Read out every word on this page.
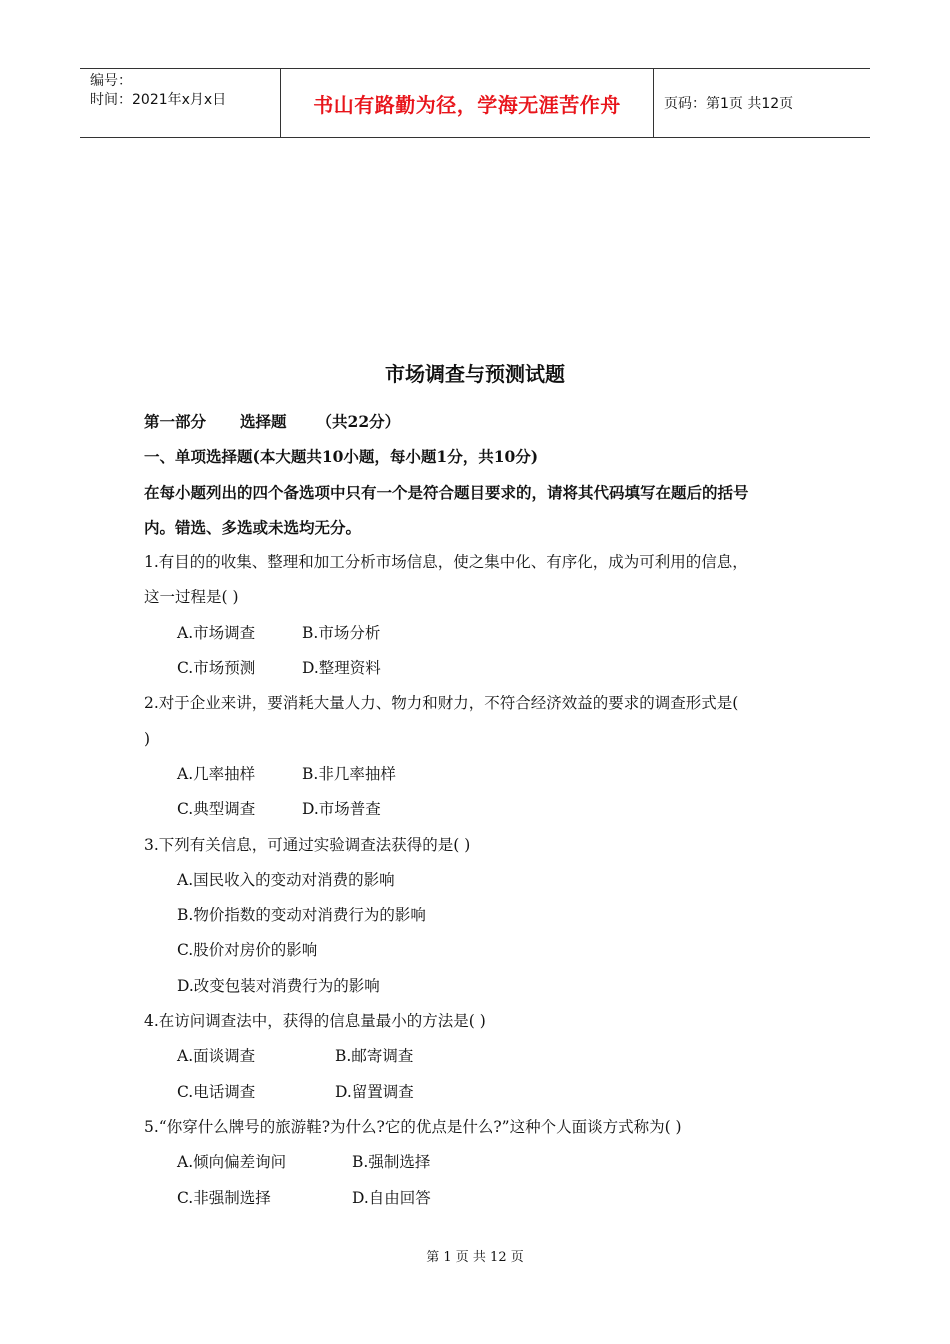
编号：
时间：2021年x月x日	书山有路勤为径，学海无涯苦作舟	页码：第1页 共12页
市场调查与预测试题
第一部分 选择题 （共22分）
一、单项选择题(本大题共10小题，每小题1分，共10分)
在每小题列出的四个备选项中只有一个是符合题目要求的，请将其代码填写在题后的括号
内。错选、多选或未选均无分。
1.有目的的收集、整理和加工分析市场信息，使之集中化、有序化，成为可利用的信息，
这一过程是( )
A.市场调查	B.市场分析
C.市场预测	D.整理资料
2.对于企业来讲，要消耗大量人力、物力和财力，不符合经济效益的要求的调查形式是(
)
A.几率抽样	B.非几率抽样
C.典型调查	D.市场普查
3.下列有关信息，可通过实验调查法获得的是( )
A.国民收入的变动对消费的影响
B.物价指数的变动对消费行为的影响
C.股价对房价的影响
D.改变包装对消费行为的影响
4.在访问调查法中，获得的信息量最小的方法是( )
A.面谈调查	B.邮寄调查
C.电话调查	D.留置调查
5.“你穿什么牌号的旅游鞋?为什么?它的优点是什么?”这种个人面谈方式称为( )
A.倾向偏差询问	B.强制选择
C.非强制选择	D.自由回答
第 1 页 共 12 页
